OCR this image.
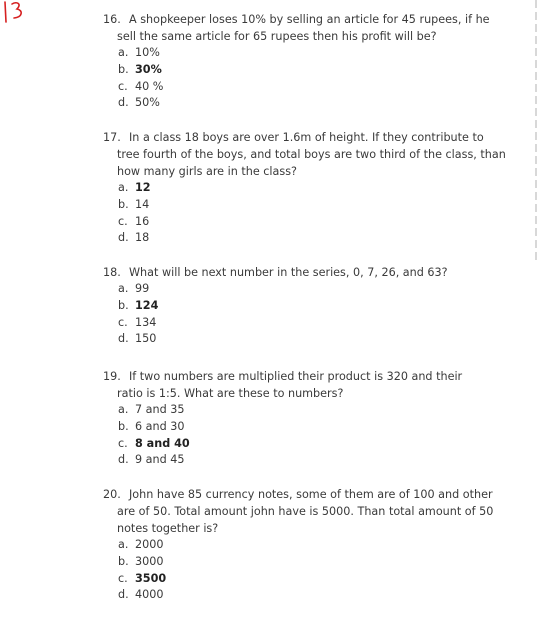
16. A shopkeeper loses 10% by selling an article for 45 rupees, if he
sell the same article for 65 rupees then his profit will be?
a. 10%
b. 30%
c. 40 %
d. 50%
17. In a class 18 boys are over 1.6m of height. If they contribute to
tree fourth of the boys, and total boys are two third of the class, than
how many girls are in the class?
a. 12
b. 14
c. 16
d. 18
18. What will be next number in the series, 0, 7, 26, and 63?
a. 99
b. 124
c. 134
d. 150
19. If two numbers are multiplied their product is 320 and their
ratio is 1:5. What are these to numbers?
a. 7 and 35
b. 6 and 30
c. 8 and 40
d. 9 and 45
20. John have 85 currency notes, some of them are of 100 and other
are of 50. Total amount john have is 5000. Than total amount of 50
notes together is?
a. 2000
b. 3000
c. 3500
d. 4000
